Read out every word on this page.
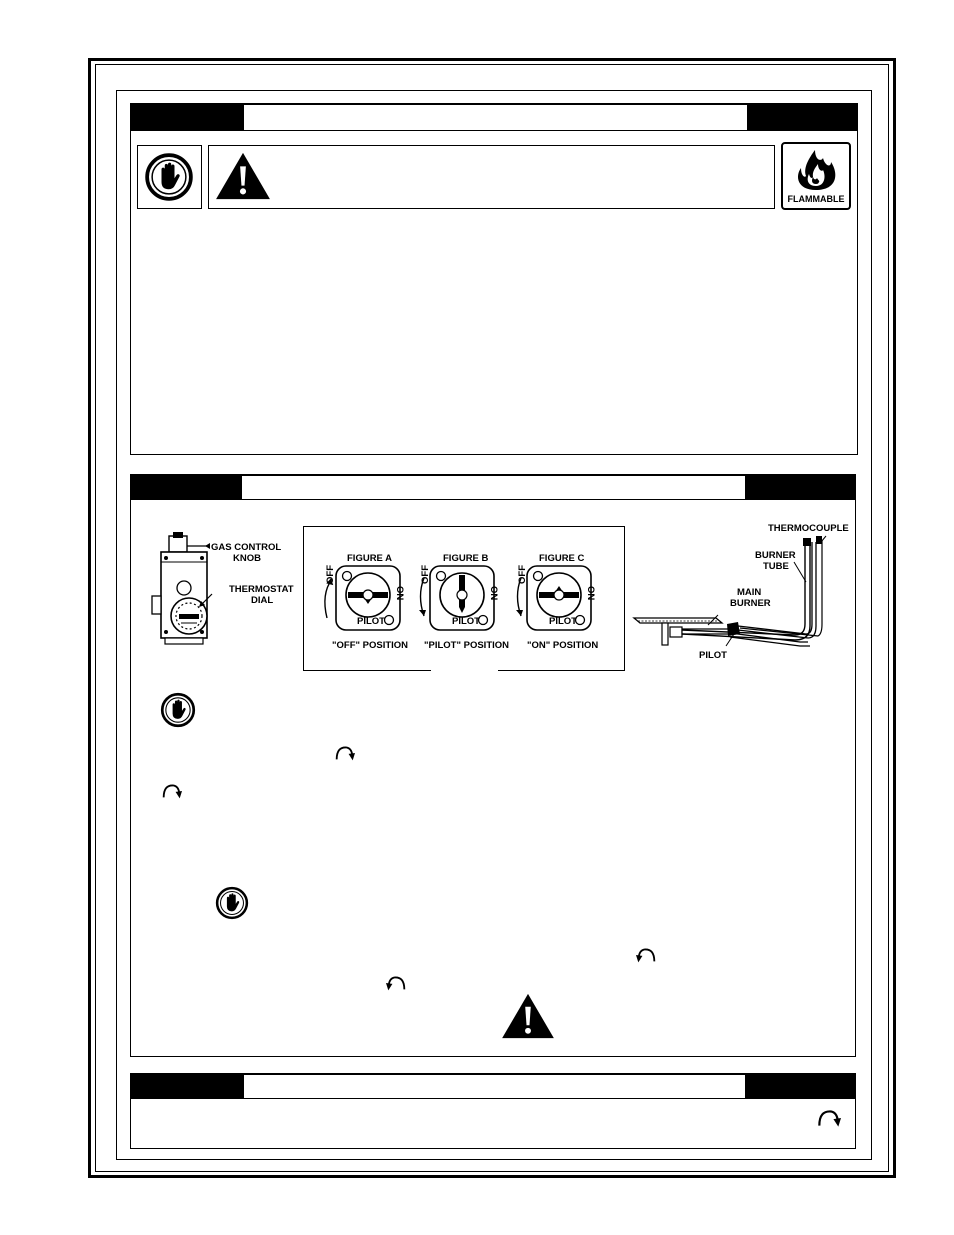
FLAMMABLE
GAS CONTROL
KNOB
THERMOSTAT
DIAL
FIGURE A
"OFF" POSITION
OFF
ON
PILOT
FIGURE B
"PILOT" POSITION
OFF
ON
PILOT
FIGURE C
"ON" POSITION
OFF
ON
PILOT
THERMOCOUPLE
BURNER
TUBE
MAIN
BURNER
PILOT
